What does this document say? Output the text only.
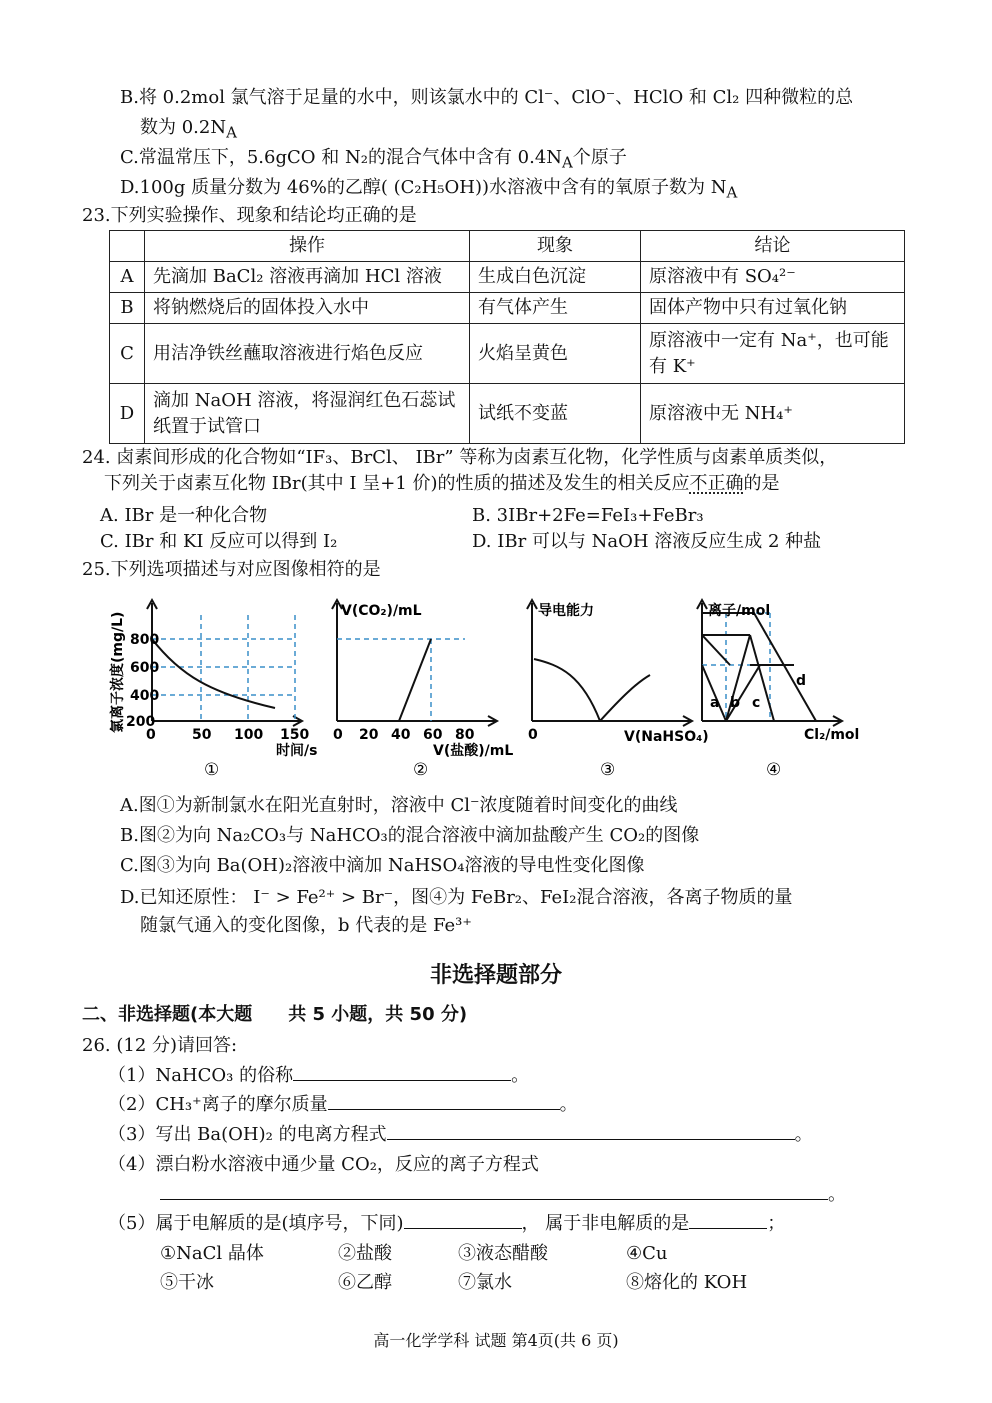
B.将 0.2mol 氯气溶于足量的水中，则该氯水中的 Cl⁻、ClO⁻、HClO 和 Cl₂ 四种微粒的总
数为 $0.2N_A$
C.常温常压下，5.6gCO 和 N₂的混合气体中含有 $0.4N_A$个原子
D.100g 质量分数为 46%的乙醇( (C₂H₅OH))水溶液中含有的氧原子数为 $N_A$
23.下列实验操作、现象和结论均正确的是
	操作	现象	结论
A	先滴加 BaCl₂ 溶液再滴加 HCl 溶液	生成白色沉淀	原溶液中有 SO₄²⁻
B	将钠燃烧后的固体投入水中	有气体产生	固体产物中只有过氧化钠
C	用洁净铁丝蘸取溶液进行焰色反应	火焰呈黄色	原溶液中一定有 Na⁺，也可能有 K⁺
D	滴加 NaOH 溶液，将湿润红色石蕊试纸置于试管口	试纸不变蓝	原溶液中无 NH₄⁺
24. 卤素间形成的化合物如“IF₃、BrCl、 IBr” 等称为卤素互化物，化学性质与卤素单质类似，
下列关于卤素互化物 IBr(其中 I 呈+1 价)的性质的描述及发生的相关反应不正确的是
A. IBr 是一种化合物	B. 3IBr+2Fe=FeI₃+FeBr₃
C. IBr 和 KI 反应可以得到 I₂	D. IBr 可以与 NaOH 溶液反应生成 2 种盐
25.下列选项描述与对应图像相符的是
800
600
400
200
0	50 100 150
时间/s
氯离子浓度(mg/L)
①
V(CO₂)/mL
0 20 40 60 80
V(盐酸)/mL
②
导电能力
0	V(NaHSO₄)
③
离子/mol
a b c
d
Cl₂/mol
④
A.图①为新制氯水在阳光直射时，溶液中 Cl⁻浓度随着时间变化的曲线
B.图②为向 Na₂CO₃与 NaHCO₃的混合溶液中滴加盐酸产生 CO₂的图像
C.图③为向 Ba(OH)₂溶液中滴加 NaHSO₄溶液的导电性变化图像
D.已知还原性： I⁻ > Fe²⁺ > Br⁻，图④为 FeBr₂、FeI₂混合溶液，各离子物质的量
随氯气通入的变化图像，b 代表的是 Fe³⁺
非选择题部分
二、非选择题(本大题　　共 5 小题，共 50 分)
26. (12 分)请回答:
（1）NaHCO₃ 的俗称	。
（2）CH₃⁺离子的摩尔质量	。
（3）写出 Ba(OH)₂ 的电离方程式	。
（4）漂白粉水溶液中通少量 CO₂，反应的离子方程式
。
（5）属于电解质的是(填序号，下同)	， 属于非电解质的是	；
①NaCl 晶体	②盐酸	③液态醋酸	④Cu
⑤干冰	⑥乙醇	⑦氯水	⑧熔化的 KOH
高一化学学科 试题 第4页(共 6 页)
